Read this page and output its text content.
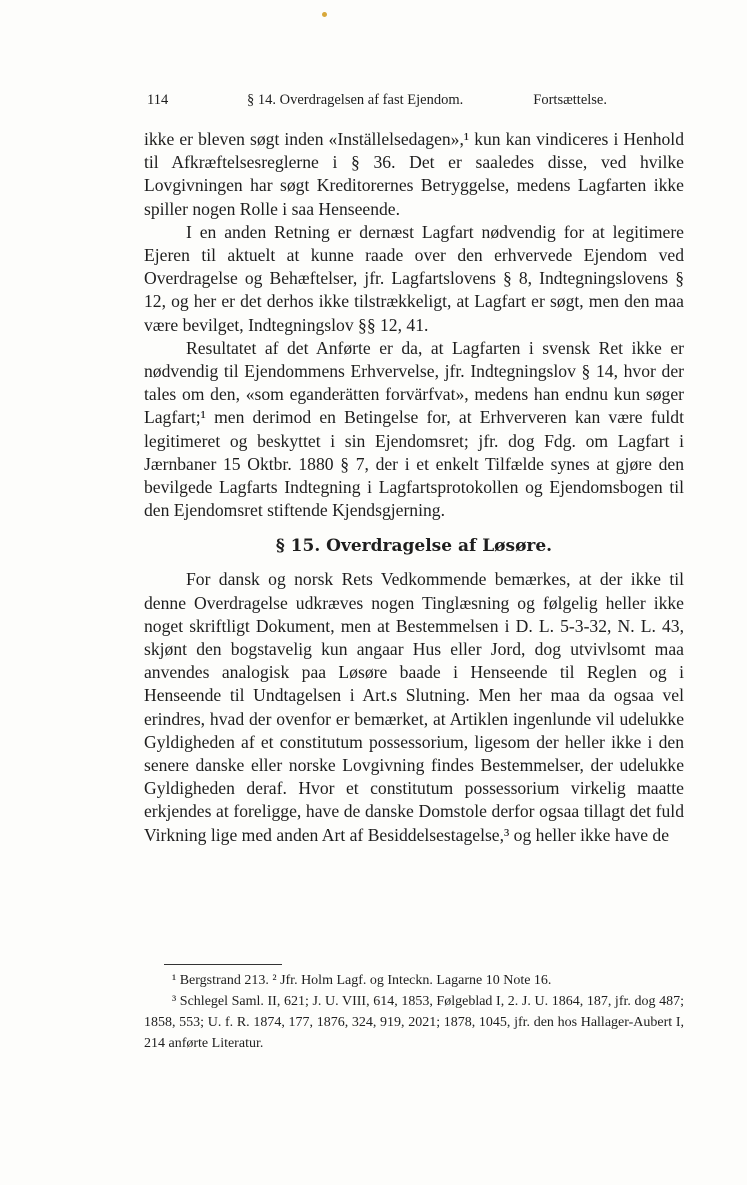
114	§ 14. Overdragelsen af fast Ejendom.	Fortsættelse.

ikke er bleven søgt inden «Inställelsedagen»,¹ kun kan vindiceres i Henhold til Afkræftelsesreglerne i § 36. Det er saaledes disse, ved hvilke Lovgivningen har søgt Kreditorernes Betryggelse, medens Lagfarten ikke spiller nogen Rolle i saa Henseende.

I en anden Retning er dernæst Lagfart nødvendig for at legitimere Ejeren til aktuelt at kunne raade over den erhvervede Ejendom ved Overdragelse og Behæftelser, jfr. Lagfartslovens § 8, Indtegningslovens § 12, og her er det derhos ikke tilstrækkeligt, at Lagfart er søgt, men den maa være bevilget, Indtegningslov §§ 12, 41.

Resultatet af det Anførte er da, at Lagfarten i svensk Ret ikke er nødvendig til Ejendommens Erhvervelse, jfr. Indtegningslov § 14, hvor der tales om den, «som eganderätten forvärfvat», medens han endnu kun søger Lagfart;¹ men derimod en Betingelse for, at Erhververen kan være fuldt legitimeret og beskyttet i sin Ejendomsret; jfr. dog Fdg. om Lagfart i Jærnbaner 15 Oktbr. 1880 § 7, der i et enkelt Tilfælde synes at gjøre den bevilgede Lagfarts Indtegning i Lagfartsprotokollen og Ejendomsbogen til den Ejendomsret stiftende Kjendsgjerning.

§ 15. Overdragelse af Løsøre.

For dansk og norsk Rets Vedkommende bemærkes, at der ikke til denne Overdragelse udkræves nogen Tinglæsning og følgelig heller ikke noget skriftligt Dokument, men at Bestemmelsen i D. L. 5-3-32, N. L. 43, skjønt den bogstavelig kun angaar Hus eller Jord, dog utvivlsomt maa anvendes analogisk paa Løsøre baade i Henseende til Reglen og i Henseende til Undtagelsen i Art.s Slutning. Men her maa da ogsaa vel erindres, hvad der ovenfor er bemærket, at Artiklen ingenlunde vil udelukke Gyldigheden af et constitutum possessorium, ligesom der heller ikke i den senere danske eller norske Lovgivning findes Bestemmelser, der udelukke Gyldigheden deraf. Hvor et constitutum possessorium virkelig maatte erkjendes at foreligge, have de danske Domstole derfor ogsaa tillagt det fuld Virkning lige med anden Art af Besiddelsestagelse,³ og heller ikke have de

¹ Bergstrand 213. ² Jfr. Holm Lagf. og Inteckn. Lagarne 10 Note 16.

³ Schlegel Saml. II, 621; J. U. VIII, 614, 1853, Følgeblad I, 2. J. U. 1864, 187, jfr. dog 487; 1858, 553; U. f. R. 1874, 177, 1876, 324, 919, 2021; 1878, 1045, jfr. den hos Hallager-Aubert I, 214 anførte Literatur.
